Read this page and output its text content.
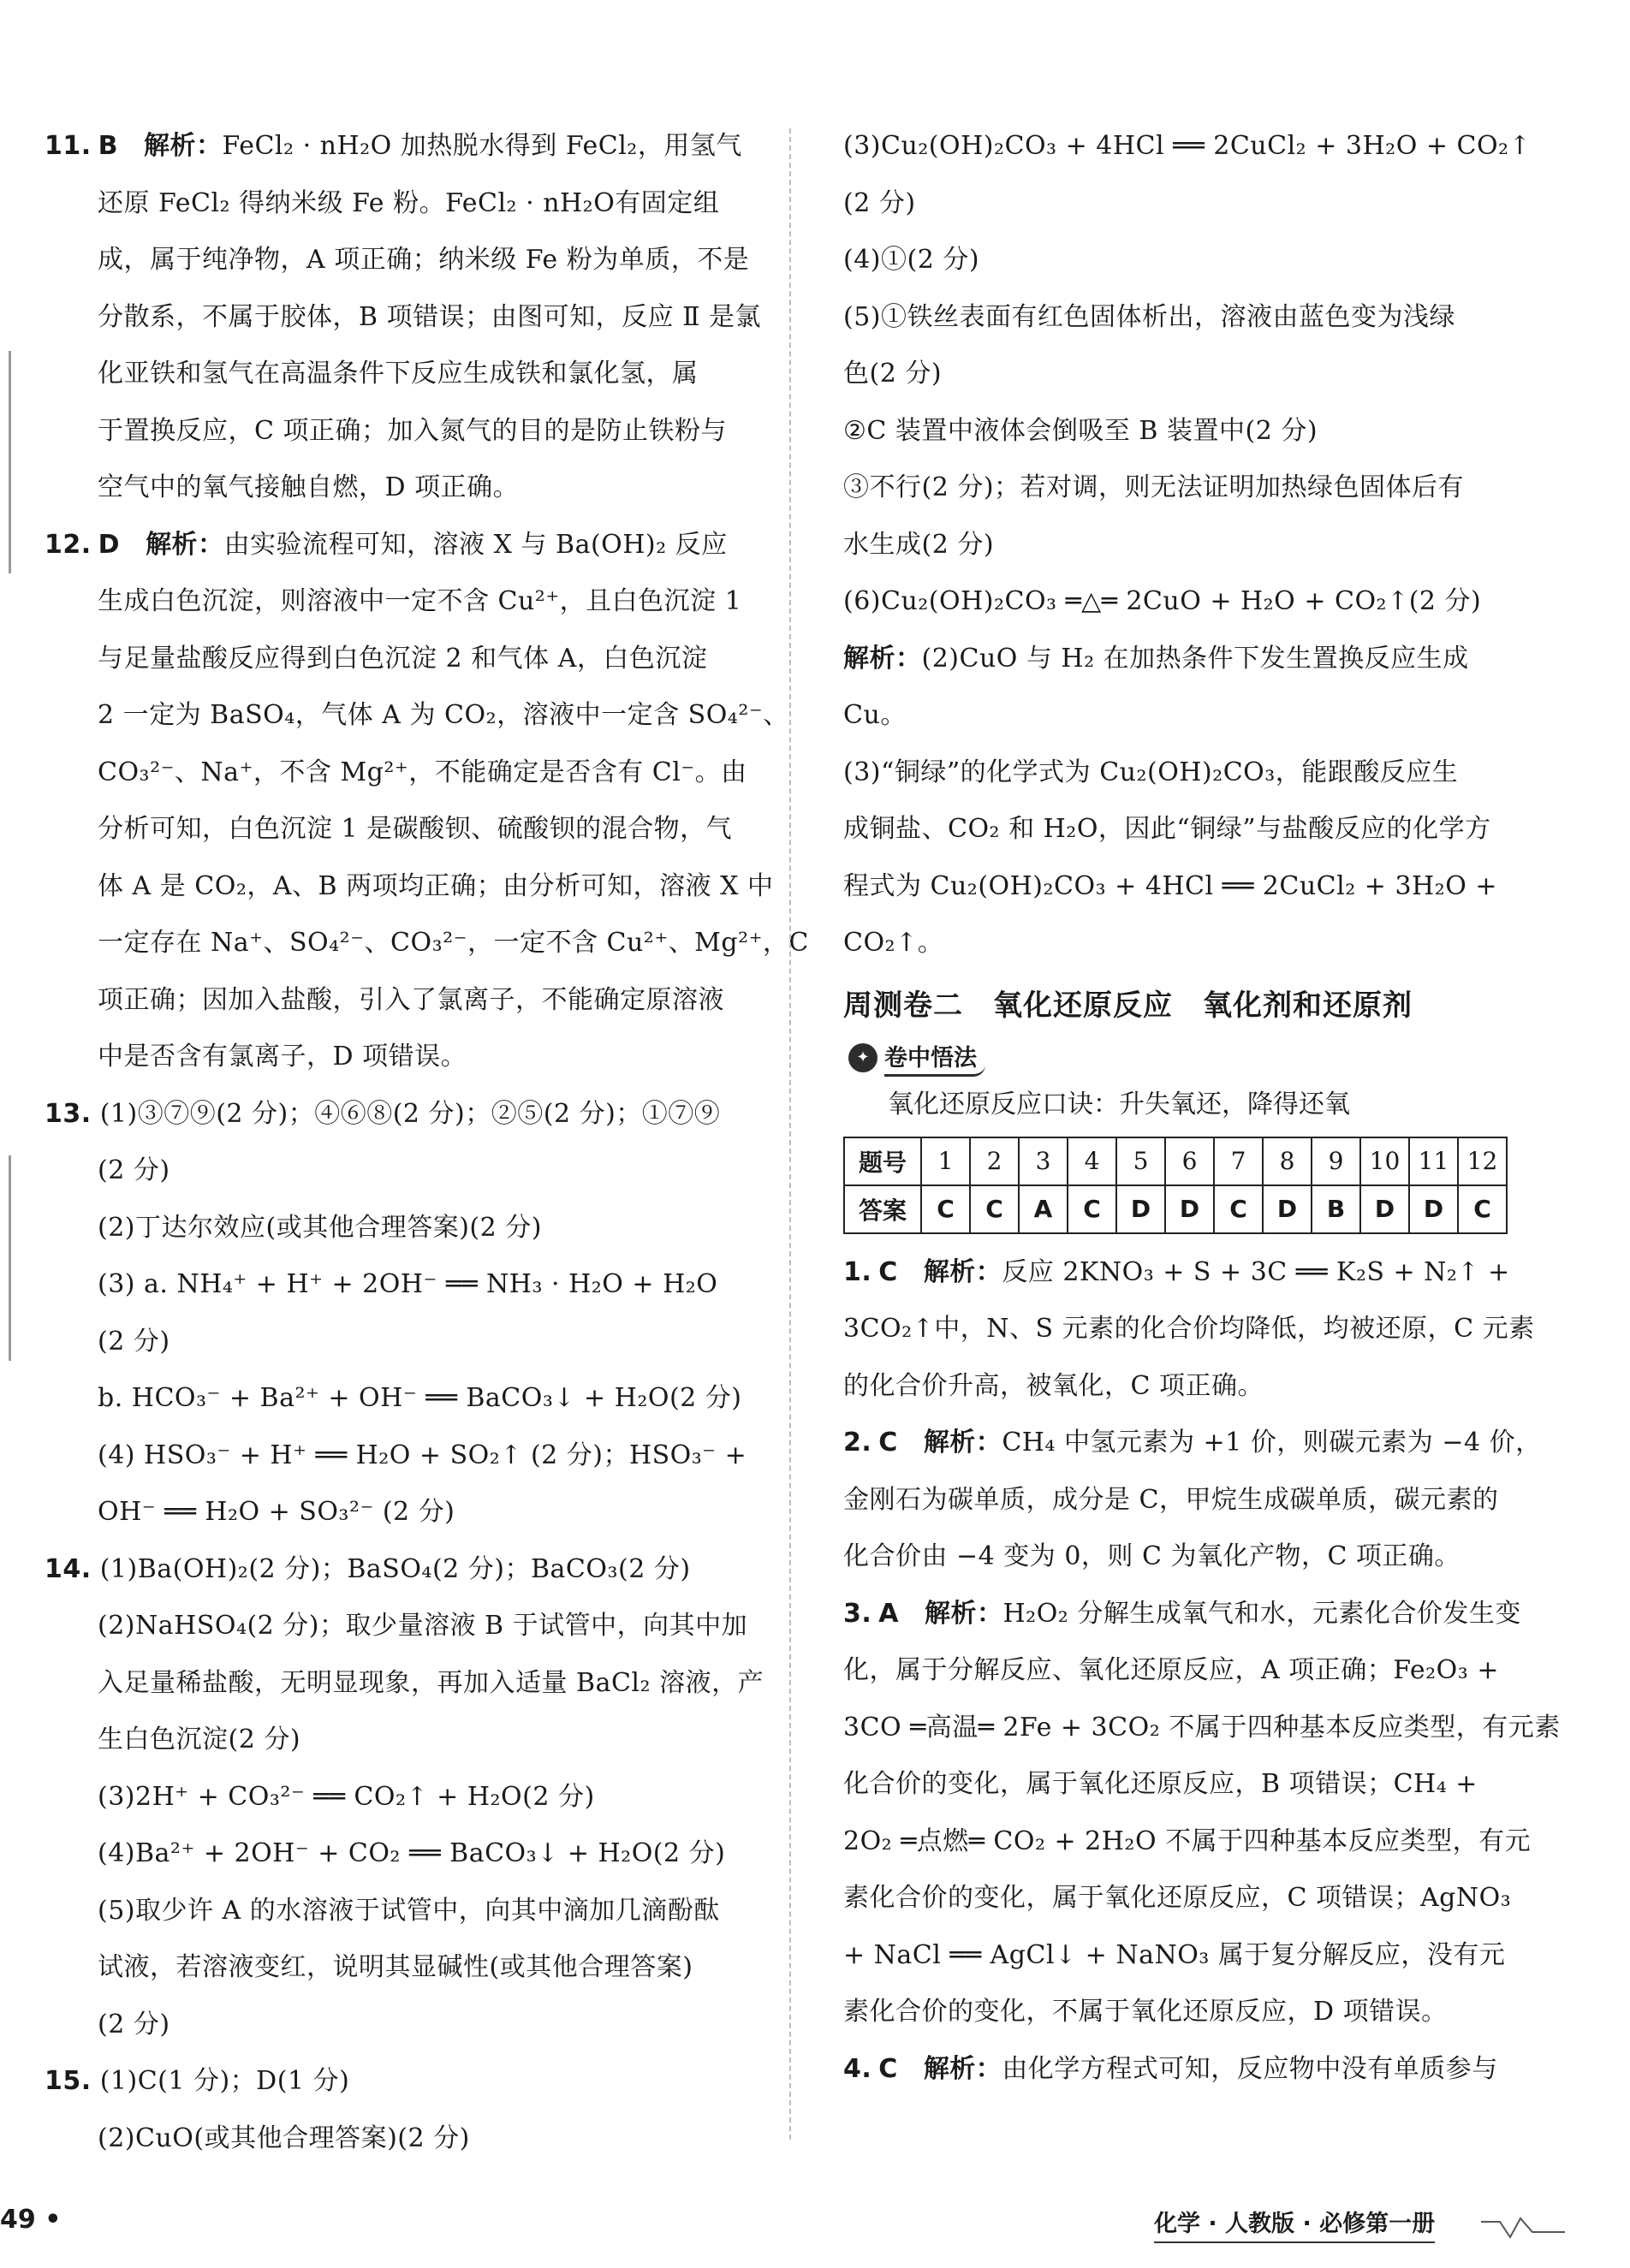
11. B 解析：FeCl₂ · nH₂O 加热脱水得到 FeCl₂，用氢气
还原 FeCl₂ 得纳米级 Fe 粉。FeCl₂ · nH₂O有固定组
成，属于纯净物，A 项正确；纳米级 Fe 粉为单质，不是
分散系，不属于胶体，B 项错误；由图可知，反应 Ⅱ 是氯
化亚铁和氢气在高温条件下反应生成铁和氯化氢，属
于置换反应，C 项正确；加入氮气的目的是防止铁粉与
空气中的氧气接触自燃，D 项正确。
12. D 解析：由实验流程可知，溶液 X 与 Ba(OH)₂ 反应
生成白色沉淀，则溶液中一定不含 Cu²⁺，且白色沉淀 1
与足量盐酸反应得到白色沉淀 2 和气体 A，白色沉淀
2 一定为 BaSO₄，气体 A 为 CO₂，溶液中一定含 SO₄²⁻、
CO₃²⁻、Na⁺，不含 Mg²⁺，不能确定是否含有 Cl⁻。由
分析可知，白色沉淀 1 是碳酸钡、硫酸钡的混合物，气
体 A 是 CO₂，A、B 两项均正确；由分析可知，溶液 X 中
一定存在 Na⁺、SO₄²⁻、CO₃²⁻，一定不含 Cu²⁺、Mg²⁺，C
项正确；因加入盐酸，引入了氯离子，不能确定原溶液
中是否含有氯离子，D 项错误。
13. (1)③⑦⑨(2 分)；④⑥⑧(2 分)；②⑤(2 分)；①⑦⑨
(2 分)
(2)丁达尔效应(或其他合理答案)(2 分)
(3) a. NH₄⁺ + H⁺ + 2OH⁻ ══ NH₃ · H₂O + H₂O
(2 分)
b. HCO₃⁻ + Ba²⁺ + OH⁻ ══ BaCO₃↓ + H₂O(2 分)
(4) HSO₃⁻ + H⁺ ══ H₂O + SO₂↑ (2 分)；HSO₃⁻ +
OH⁻ ══ H₂O + SO₃²⁻ (2 分)
14. (1)Ba(OH)₂(2 分)；BaSO₄(2 分)；BaCO₃(2 分)
(2)NaHSO₄(2 分)；取少量溶液 B 于试管中，向其中加
入足量稀盐酸，无明显现象，再加入适量 BaCl₂ 溶液，产
生白色沉淀(2 分)
(3)2H⁺ + CO₃²⁻ ══ CO₂↑ + H₂O(2 分)
(4)Ba²⁺ + 2OH⁻ + CO₂ ══ BaCO₃↓ + H₂O(2 分)
(5)取少许 A 的水溶液于试管中，向其中滴加几滴酚酞
试液，若溶液变红，说明其显碱性(或其他合理答案)
(2 分)
15. (1)C(1 分)；D(1 分)
(2)CuO(或其他合理答案)(2 分)
(3)Cu₂(OH)₂CO₃ + 4HCl ══ 2CuCl₂ + 3H₂O + CO₂↑
(2 分)
(4)①(2 分)
(5)①铁丝表面有红色固体析出，溶液由蓝色变为浅绿
色(2 分)
②C 装置中液体会倒吸至 B 装置中(2 分)
③不行(2 分)；若对调，则无法证明加热绿色固体后有
水生成(2 分)
(6)Cu₂(OH)₂CO₃ ═△═ 2CuO + H₂O + CO₂↑(2 分)
解析：(2)CuO 与 H₂ 在加热条件下发生置换反应生成
Cu。
(3)“铜绿”的化学式为 Cu₂(OH)₂CO₃，能跟酸反应生
成铜盐、CO₂ 和 H₂O，因此“铜绿”与盐酸反应的化学方
程式为 Cu₂(OH)₂CO₃ + 4HCl ══ 2CuCl₂ + 3H₂O +
CO₂↑。
周测卷二　氧化还原反应　氧化剂和还原剂
✦ 卷中悟法
氧化还原反应口诀：升失氧还，降得还氧
题号	1	2	3	4	5	6	7	8	9	10	11	12
答案	C	C	A	C	D	D	C	D	B	D	D	C
1. C 解析：反应 2KNO₃ + S + 3C ══ K₂S + N₂↑ +
3CO₂↑中，N、S 元素的化合价均降低，均被还原，C 元素
的化合价升高，被氧化，C 项正确。
2. C 解析：CH₄ 中氢元素为 +1 价，则碳元素为 −4 价，
金刚石为碳单质，成分是 C，甲烷生成碳单质，碳元素的
化合价由 −4 变为 0，则 C 为氧化产物，C 项正确。
3. A 解析：H₂O₂ 分解生成氧气和水，元素化合价发生变
化，属于分解反应、氧化还原反应，A 项正确；Fe₂O₃ +
3CO ═高温═ 2Fe + 3CO₂ 不属于四种基本反应类型，有元素
化合价的变化，属于氧化还原反应，B 项错误；CH₄ +
2O₂ ═点燃═ CO₂ + 2H₂O 不属于四种基本反应类型，有元
素化合价的变化，属于氧化还原反应，C 项错误；AgNO₃
+ NaCl ══ AgCl↓ + NaNO₃ 属于复分解反应，没有元
素化合价的变化，不属于氧化还原反应，D 项错误。
4. C 解析：由化学方程式可知，反应物中没有单质参与
49 •	化学 · 人教版 · 必修第一册
